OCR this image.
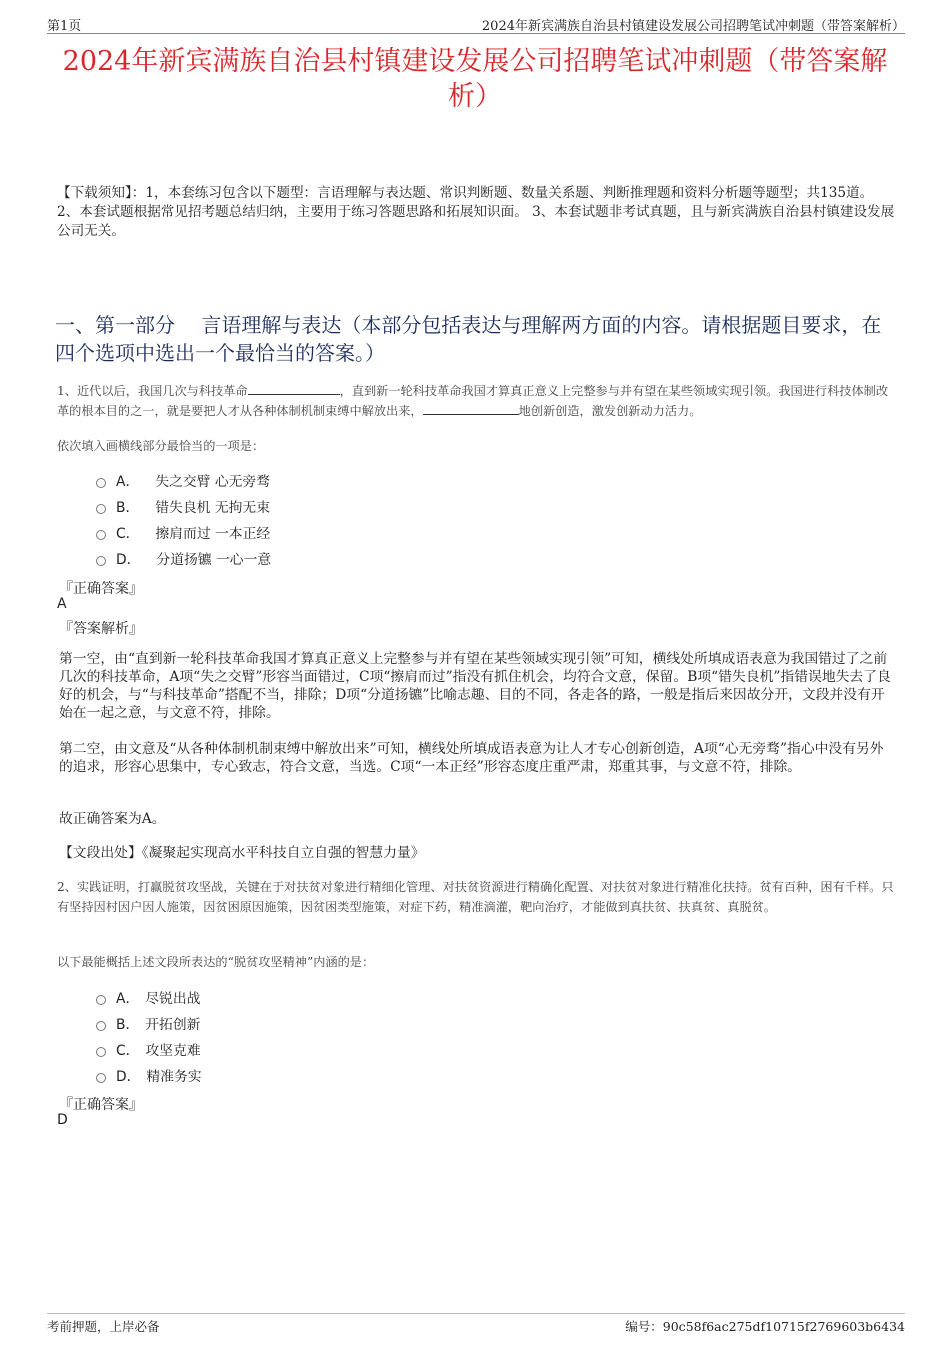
第1页	2024年新宾满族自治县村镇建设发展公司招聘笔试冲刺题（带答案解析）
2024年新宾满族自治县村镇建设发展公司招聘笔试冲刺题（带答案解析）
【下载须知】：1，本套练习包含以下题型：言语理解与表达题、常识判断题、数量关系题、判断推理题和资料分析题等题型；共135道。 2、本套试题根据常见招考题总结归纳，主要用于练习答题思路和拓展知识面。 3、本套试题非考试真题，且与新宾满族自治县村镇建设发展公司无关。
一、第一部分　 言语理解与表达（本部分包括表达与理解两方面的内容。请根据题目要求，在四个选项中选出一个最恰当的答案。）
1、近代以后，我国几次与科技革命	，直到新一轮科技革命我国才算真正意义上完整参与并有望在某些领域实现引领。我国进行科技体制改革的根本目的之一，就是要把人才从各种体制机制束缚中解放出来，	地创新创造，激发创新动力活力。
依次填入画横线部分最恰当的一项是：
A． 失之交臂 心无旁骛
B． 错失良机 无拘无束
C． 擦肩而过 一本正经
D． 分道扬镳 一心一意
『正确答案』
A
『答案解析』
第一空，由“直到新一轮科技革命我国才算真正意义上完整参与并有望在某些领域实现引领”可知，横线处所填成语表意为我国错过了之前几次的科技革命，A项“失之交臂”形容当面错过，C项“擦肩而过”指没有抓住机会，均符合文意，保留。B项“错失良机”指错误地失去了良好的机会，与“与科技革命”搭配不当，排除；D项“分道扬镳”比喻志趣、目的不同，各走各的路，一般是指后来因故分开，文段并没有开始在一起之意，与文意不符，排除。
第二空，由文意及“从各种体制机制束缚中解放出来”可知，横线处所填成语表意为让人才专心创新创造，A项“心无旁骛”指心中没有另外的追求，形容心思集中，专心致志，符合文意，当选。C项“一本正经”形容态度庄重严肃，郑重其事，与文意不符，排除。
故正确答案为A。
【文段出处】《凝聚起实现高水平科技自立自强的智慧力量》
2、实践证明，打赢脱贫攻坚战，关键在于对扶贫对象进行精细化管理、对扶贫资源进行精确化配置、对扶贫对象进行精准化扶持。贫有百种，困有千样。只有坚持因村因户因人施策，因贫困原因施策，因贫困类型施策，对症下药，精准滴灌，靶向治疗，才能做到真扶贫、扶真贫、真脱贫。
以下最能概括上述文段所表达的“脱贫攻坚精神”内涵的是：
A． 尽锐出战
B． 开拓创新
C． 攻坚克难
D． 精准务实
『正确答案』
D
考前押题，上岸必备	编号：90c58f6ac275df10715f2769603b6434
